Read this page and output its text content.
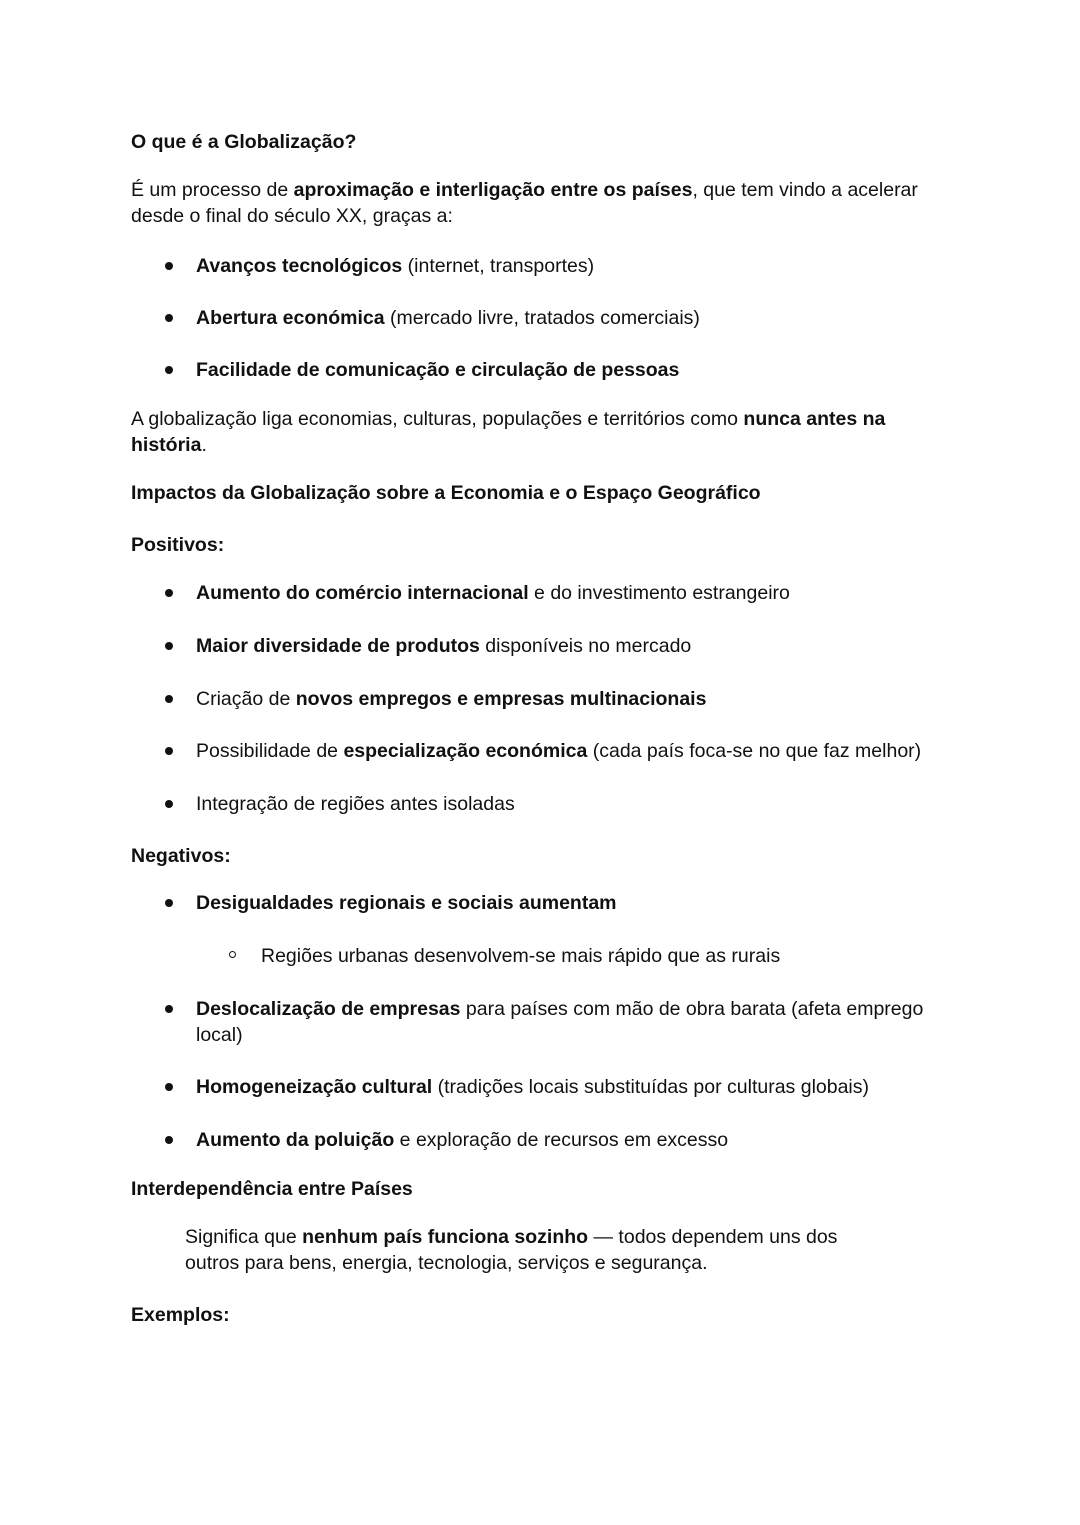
O que é a Globalização?

É um processo de aproximação e interligação entre os países, que tem vindo a acelerar desde o final do século XX, graças a:

Avanços tecnológicos (internet, transportes)

Abertura económica (mercado livre, tratados comerciais)

Facilidade de comunicação e circulação de pessoas

A globalização liga economias, culturas, populações e territórios como nunca antes na história.

Impactos da Globalização sobre a Economia e o Espaço Geográfico

Positivos:

Aumento do comércio internacional e do investimento estrangeiro

Maior diversidade de produtos disponíveis no mercado

Criação de novos empregos e empresas multinacionais

Possibilidade de especialização económica (cada país foca-se no que faz melhor)

Integração de regiões antes isoladas

Negativos:

Desigualdades regionais e sociais aumentam

Regiões urbanas desenvolvem-se mais rápido que as rurais

Deslocalização de empresas para países com mão de obra barata (afeta emprego local)

Homogeneização cultural (tradições locais substituídas por culturas globais)

Aumento da poluição e exploração de recursos em excesso

Interdependência entre Países

Significa que nenhum país funciona sozinho — todos dependem uns dos outros para bens, energia, tecnologia, serviços e segurança.

Exemplos:
